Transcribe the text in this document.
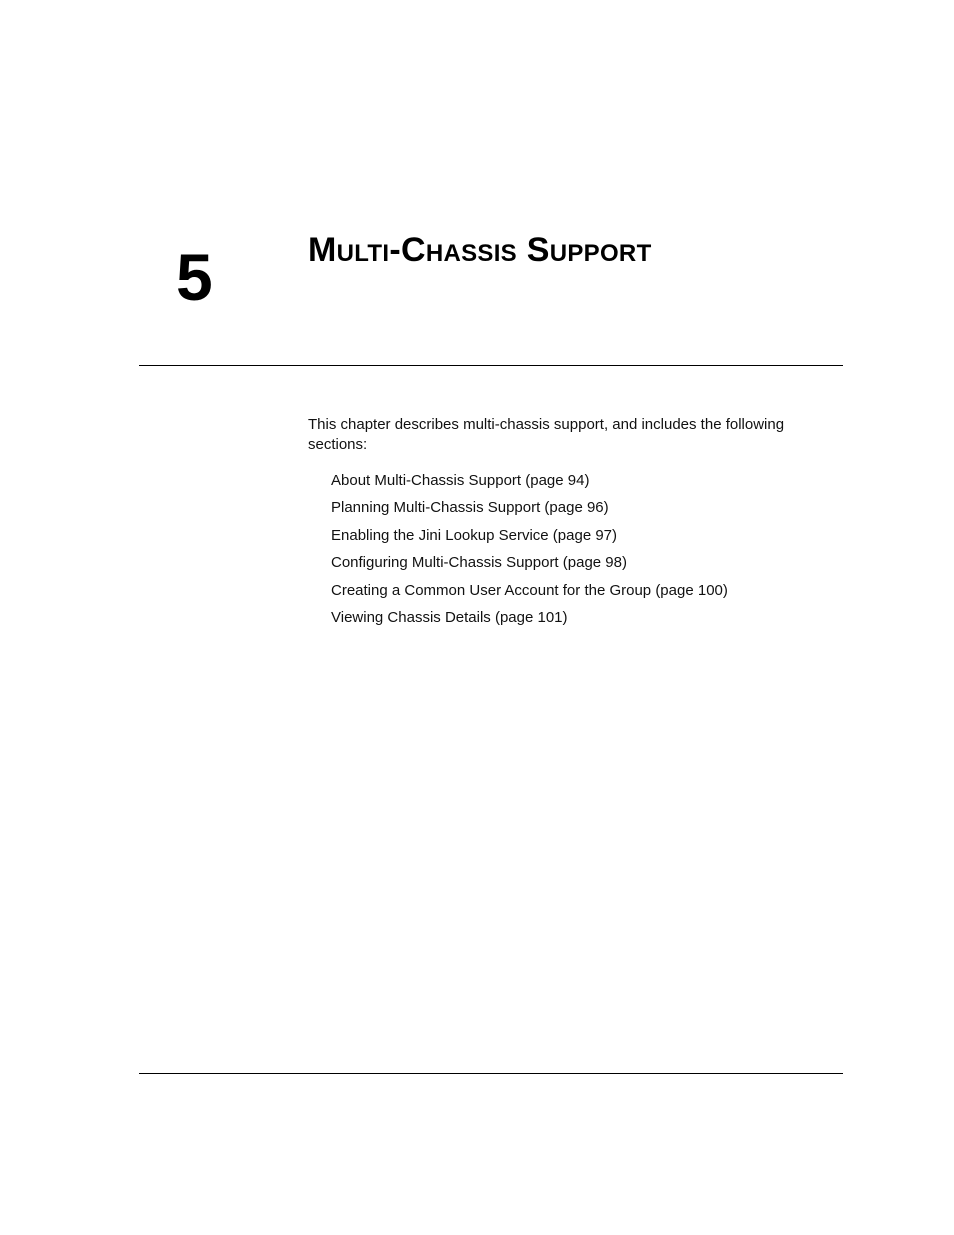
5	Multi-Chassis Support
This chapter describes multi-chassis support, and includes the following sections:
About Multi-Chassis Support (page 94)
Planning Multi-Chassis Support (page 96)
Enabling the Jini Lookup Service (page 97)
Configuring Multi-Chassis Support (page 98)
Creating a Common User Account for the Group (page 100)
Viewing Chassis Details (page 101)
